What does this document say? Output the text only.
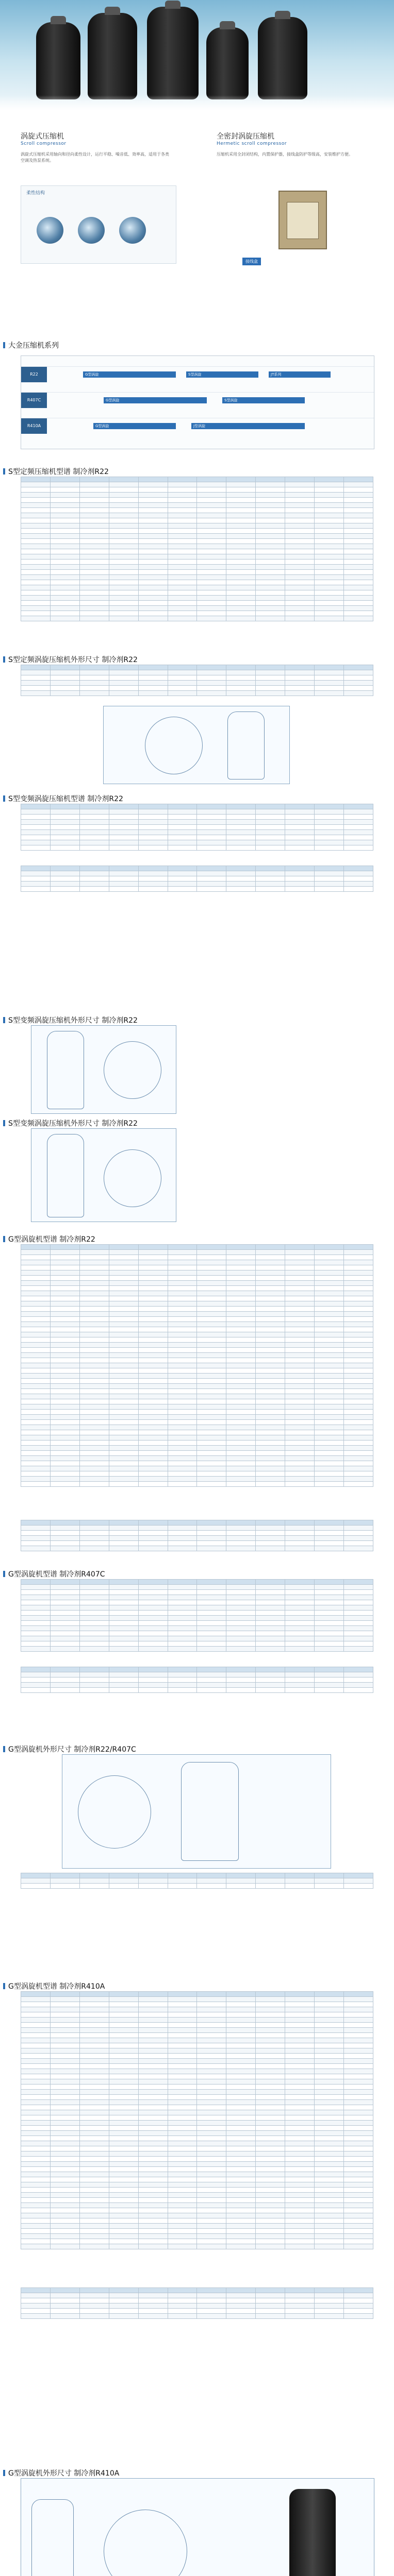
涡旋式压缩机
Scroll compressor
涡旋式压缩机采用轴向和径向柔性设计，运行平稳、噪音低、效率高，适用于各类空调及热泵系统。
柔性结构
全密封涡旋压缩机
Hermetic scroll compressor
压缩机采用全封闭结构，内置保护器，接线盒防护等级高，安装维护方便。
接线盒
大金压缩机系列
R22	G型涡旋	S型涡旋	JT系列
R407C	G型涡旋	S型涡旋
R410A	G型涡旋	J型涡旋
S型定频压缩机型谱 制冷剂R22
S型定频涡旋压缩机外形尺寸 制冷剂R22
S型变频涡旋压缩机型谱 制冷剂R22
S型变频涡旋压缩机外形尺寸 制冷剂R22
S型变频涡旋压缩机外形尺寸 制冷剂R22
G型涡旋机型谱 制冷剂R22
G型涡旋机型谱 制冷剂R407C
G型涡旋机外形尺寸 制冷剂R22/R407C
G型涡旋机型谱 制冷剂R410A
G型涡旋机外形尺寸 制冷剂R410A
